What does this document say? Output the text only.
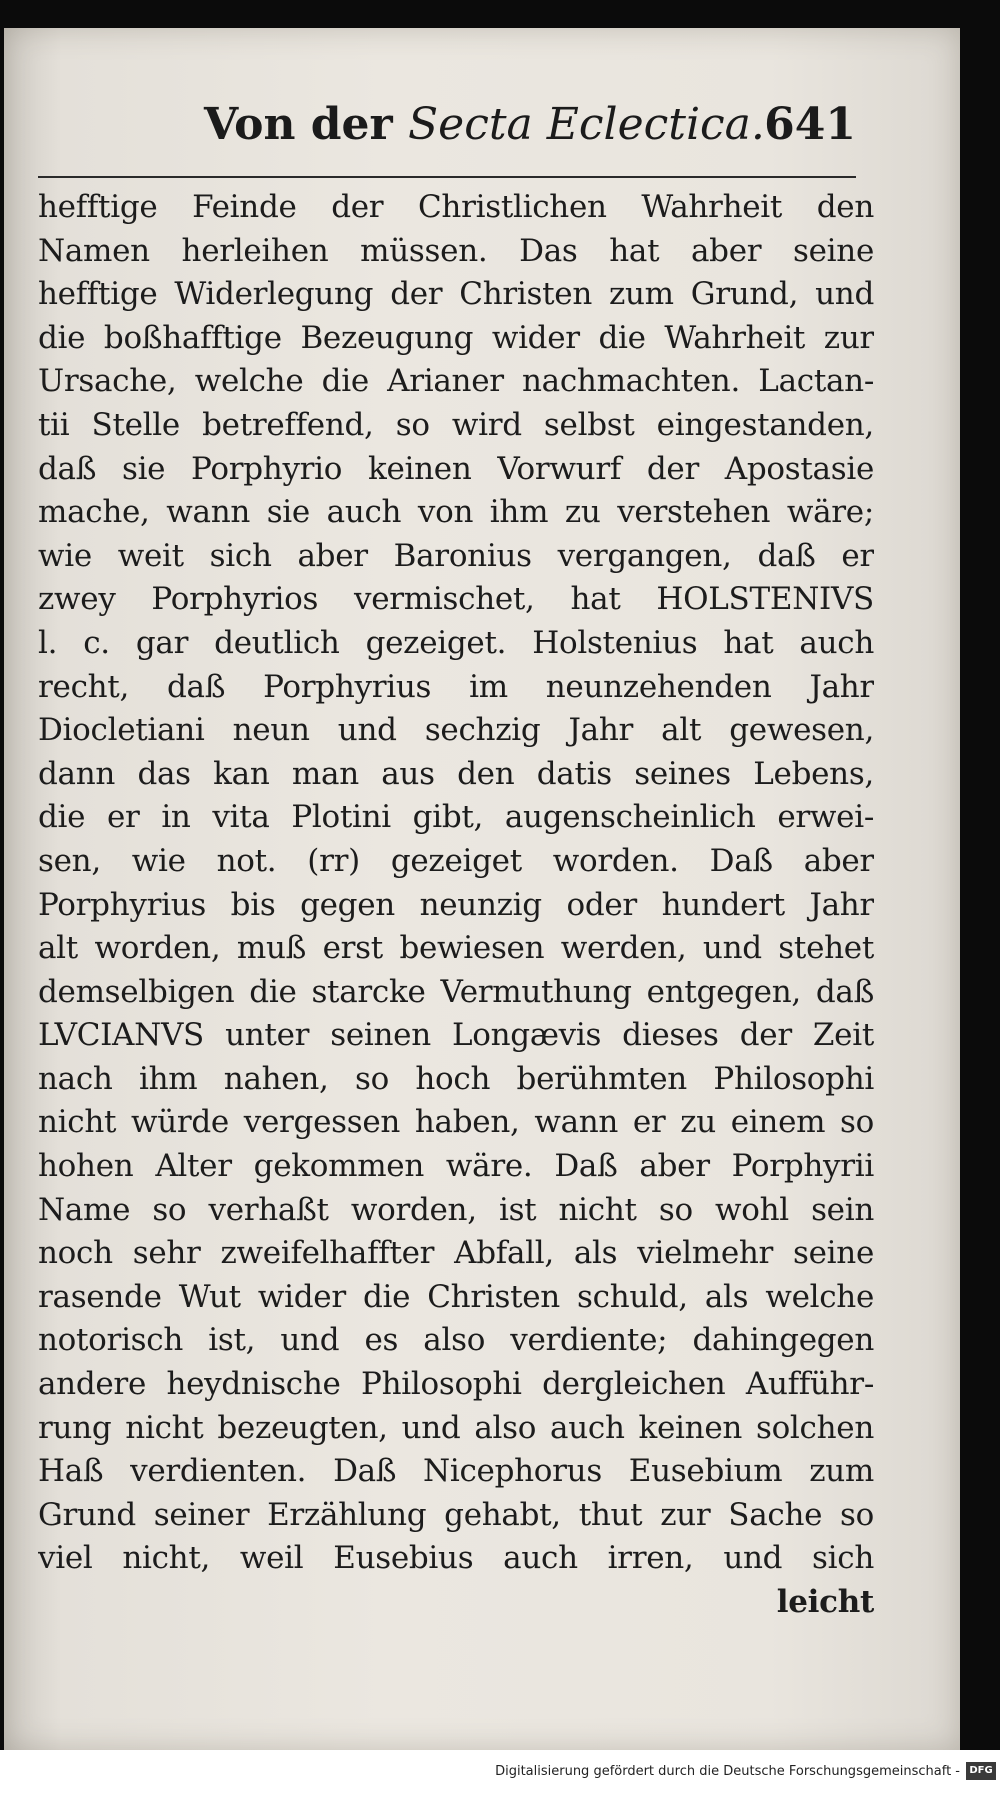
Von der Secta Eclectica. 641
hefftige Feinde der Christlichen Wahrheit den
Namen herleihen müssen. Das hat aber seine
hefftige Widerlegung der Christen zum Grund, und
die boßhafftige Bezeugung wider die Wahrheit zur
Ursache, welche die Arianer nachmachten. Lactan-
tii Stelle betreffend, so wird selbst eingestanden,
daß sie Porphyrio keinen Vorwurf der Apostasie
mache, wann sie auch von ihm zu verstehen wäre;
wie weit sich aber Baronius vergangen, daß er
zwey Porphyrios vermischet, hat HOLSTENIVS
l. c. gar deutlich gezeiget. Holstenius hat auch
recht, daß Porphyrius im neunzehenden Jahr
Diocletiani neun und sechzig Jahr alt gewesen,
dann das kan man aus den datis seines Lebens,
die er in vita Plotini gibt, augenscheinlich erwei-
sen, wie not. (rr) gezeiget worden. Daß aber
Porphyrius bis gegen neunzig oder hundert Jahr
alt worden, muß erst bewiesen werden, und stehet
demselbigen die starcke Vermuthung entgegen, daß
LVCIANVS unter seinen Longævis dieses der Zeit
nach ihm nahen, so hoch berühmten Philosophi
nicht würde vergessen haben, wann er zu einem so
hohen Alter gekommen wäre. Daß aber Porphyrii
Name so verhaßt worden, ist nicht so wohl sein
noch sehr zweifelhaffter Abfall, als vielmehr seine
rasende Wut wider die Christen schuld, als welche
notorisch ist, und es also verdiente; dahingegen
andere heydnische Philosophi dergleichen Aufführ-
rung nicht bezeugten, und also auch keinen solchen
Haß verdienten. Daß Nicephorus Eusebium zum
Grund seiner Erzählung gehabt, thut zur Sache so
viel nicht, weil Eusebius auch irren, und sich
leicht
Digitalisierung gefördert durch die Deutsche Forschungsgemeinschaft - DFG
